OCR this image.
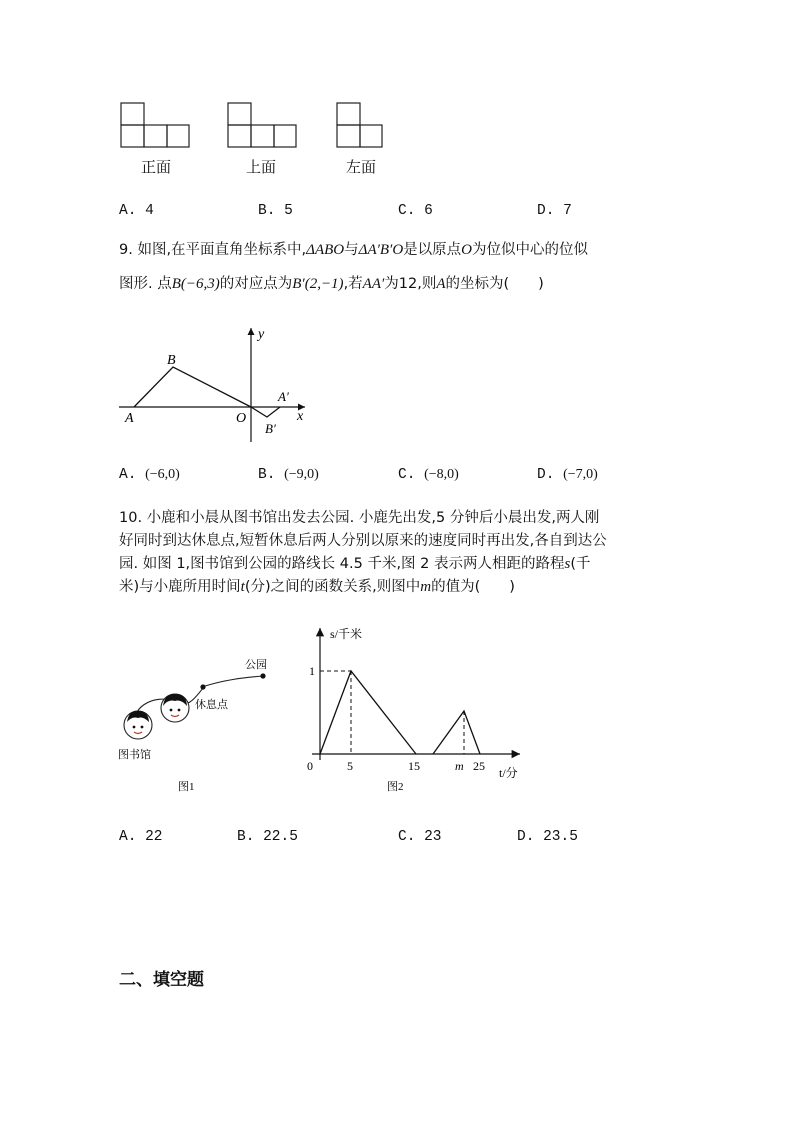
正面	上面	左面
A. 4	B. 5	C. 6	D. 7
9. 如图,在平面直角坐标系中,ΔABO与ΔA′B′O是以原点O为位似中心的位似
图形. 点B(−6,3)的对应点为B′(2,−1),若AA′为12,则A的坐标为(　　)
y
x
B
A	O
A′
B′
A. (−6,0)	B. (−9,0)	C. (−8,0)	D. (−7,0)
10. 小鹿和小晨从图书馆出发去公园. 小鹿先出发,5 分钟后小晨出发,两人刚
好同时到达休息点,短暂休息后两人分别以原来的速度同时再出发,各自到达公
园. 如图 1,图书馆到公园的路线长 4.5 千米,图 2 表示两人相距的路程s(千
米)与小鹿所用时间t(分)之间的函数关系,则图中m的值为(　　)
公园
休息点
图书馆
图1
s/千米
t/分
1
0	5	15	m 25
图2
A. 22	B. 22.5	C. 23	D. 23.5
二、填空题
